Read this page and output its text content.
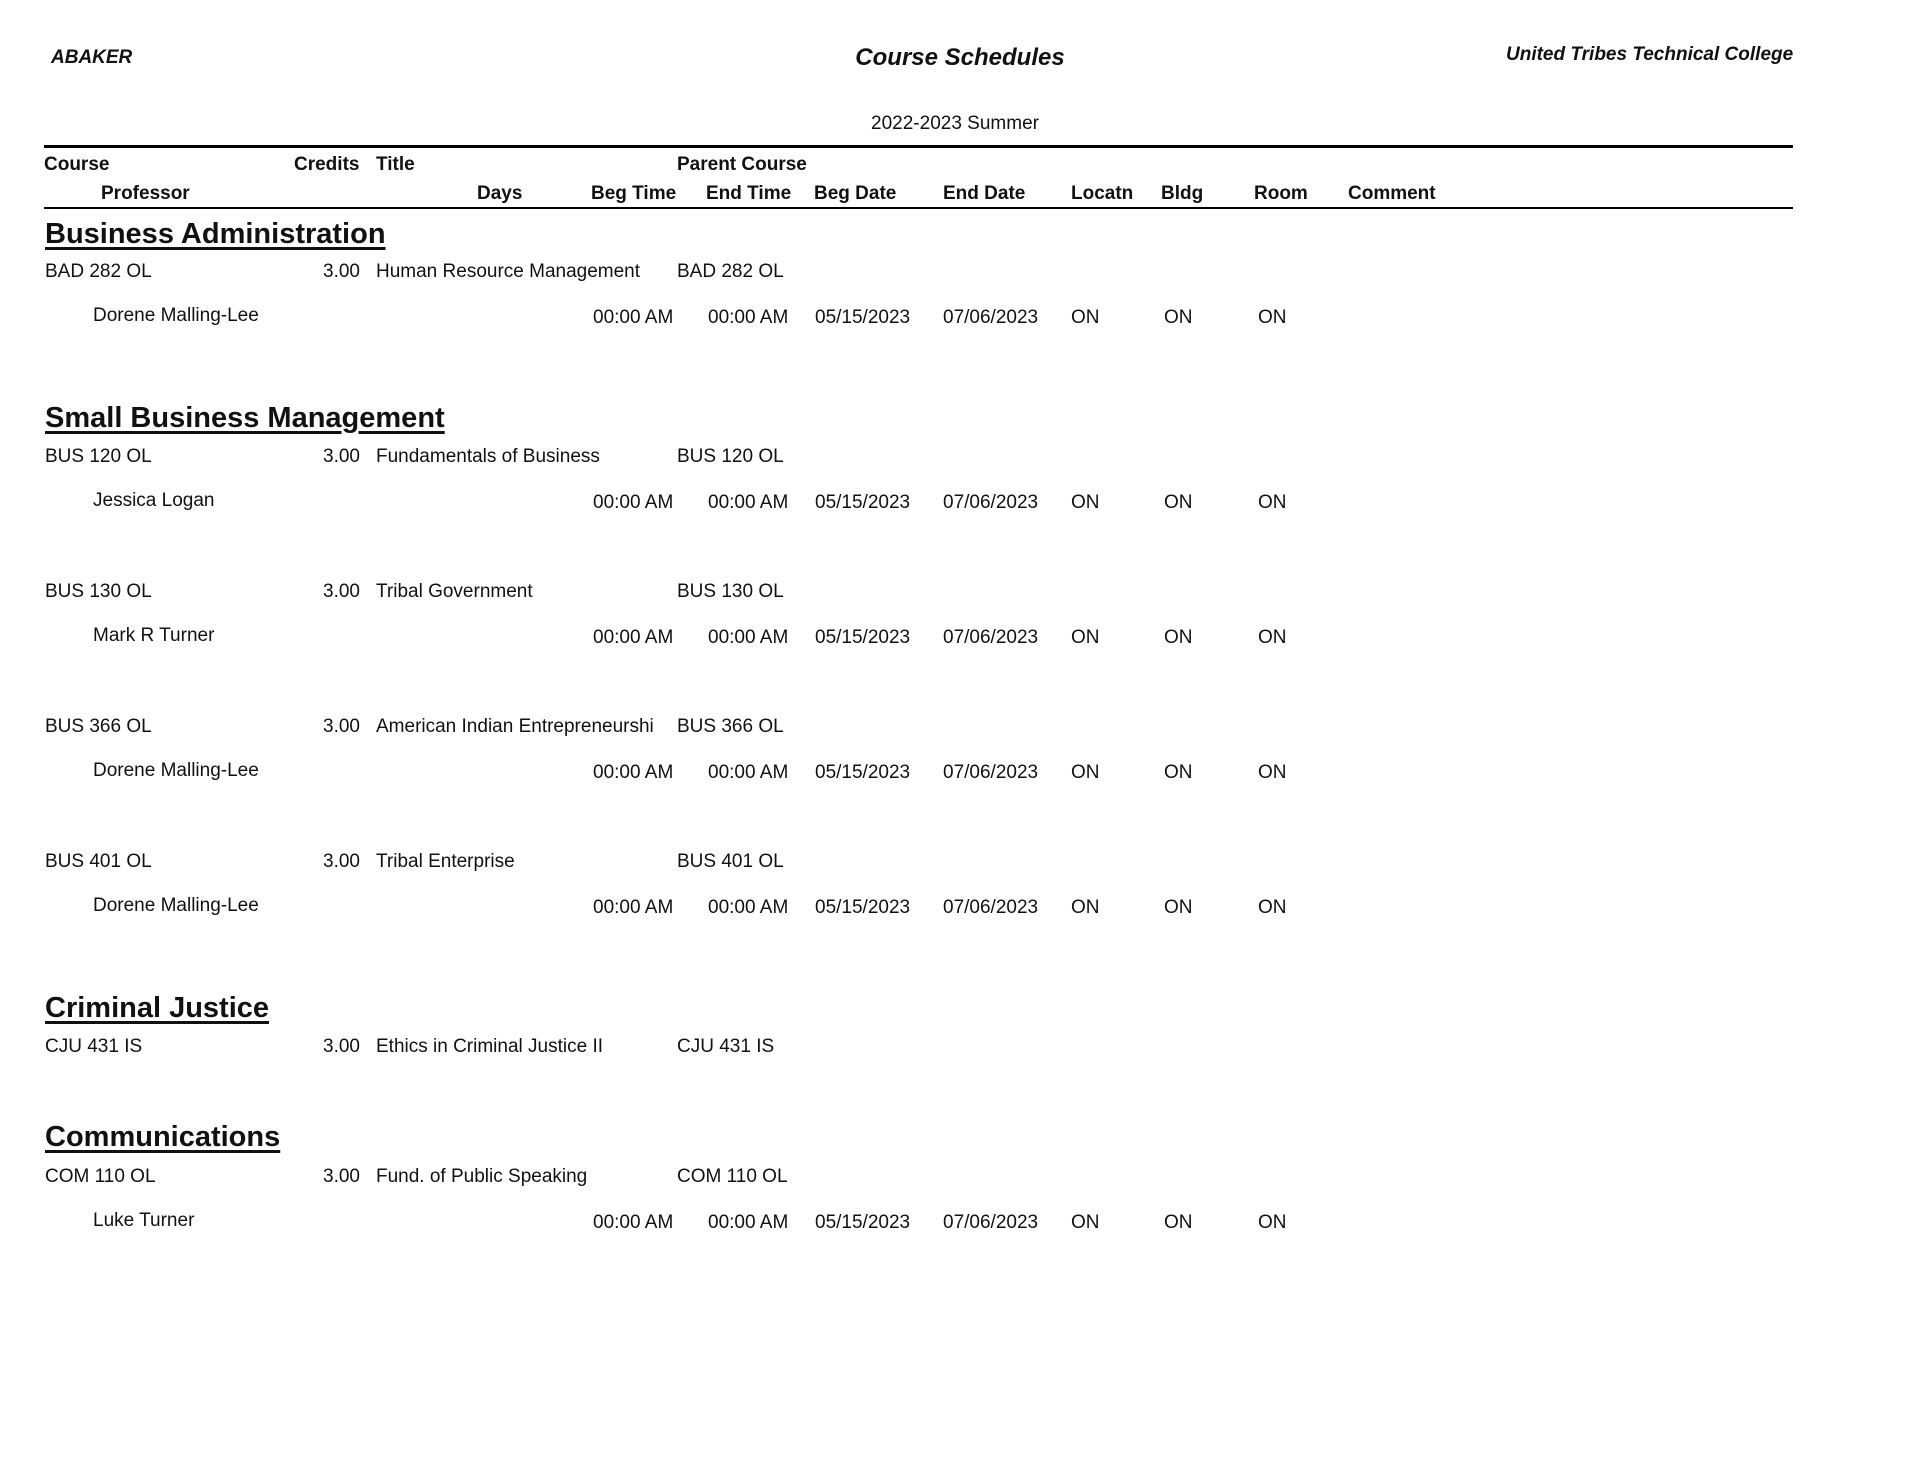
ABAKER	Course Schedules	United Tribes Technical College
2022-2023 Summer
Course	Credits Title	Parent Course
Professor	Days	Beg Time End Time Beg Date End Date Locatn Bldg	Room Comment
Business Administration
BAD 282 OL	3.00 Human Resource Management BAD 282 OL
Dorene Malling-Lee	00:00 AM 00:00 AM 05/15/2023 07/06/2023 ON	ON	ON
Small Business Management
BUS 120 OL	3.00 Fundamentals of Business	BUS 120 OL
Jessica Logan	00:00 AM 00:00 AM 05/15/2023 07/06/2023 ON	ON	ON
BUS 130 OL	3.00 Tribal Government	BUS 130 OL
Mark R Turner	00:00 AM 00:00 AM 05/15/2023 07/06/2023 ON	ON	ON
BUS 366 OL	3.00 American Indian Entrepreneurshi BUS 366 OL
Dorene Malling-Lee	00:00 AM 00:00 AM 05/15/2023 07/06/2023 ON	ON	ON
BUS 401 OL	3.00 Tribal Enterprise	BUS 401 OL
Dorene Malling-Lee	00:00 AM 00:00 AM 05/15/2023 07/06/2023 ON	ON	ON
Criminal Justice
CJU 431 IS	3.00 Ethics in Criminal Justice II	CJU 431 IS
Communications
COM 110 OL	3.00 Fund. of Public Speaking	COM 110 OL
Luke Turner	00:00 AM 00:00 AM 05/15/2023 07/06/2023 ON	ON	ON
